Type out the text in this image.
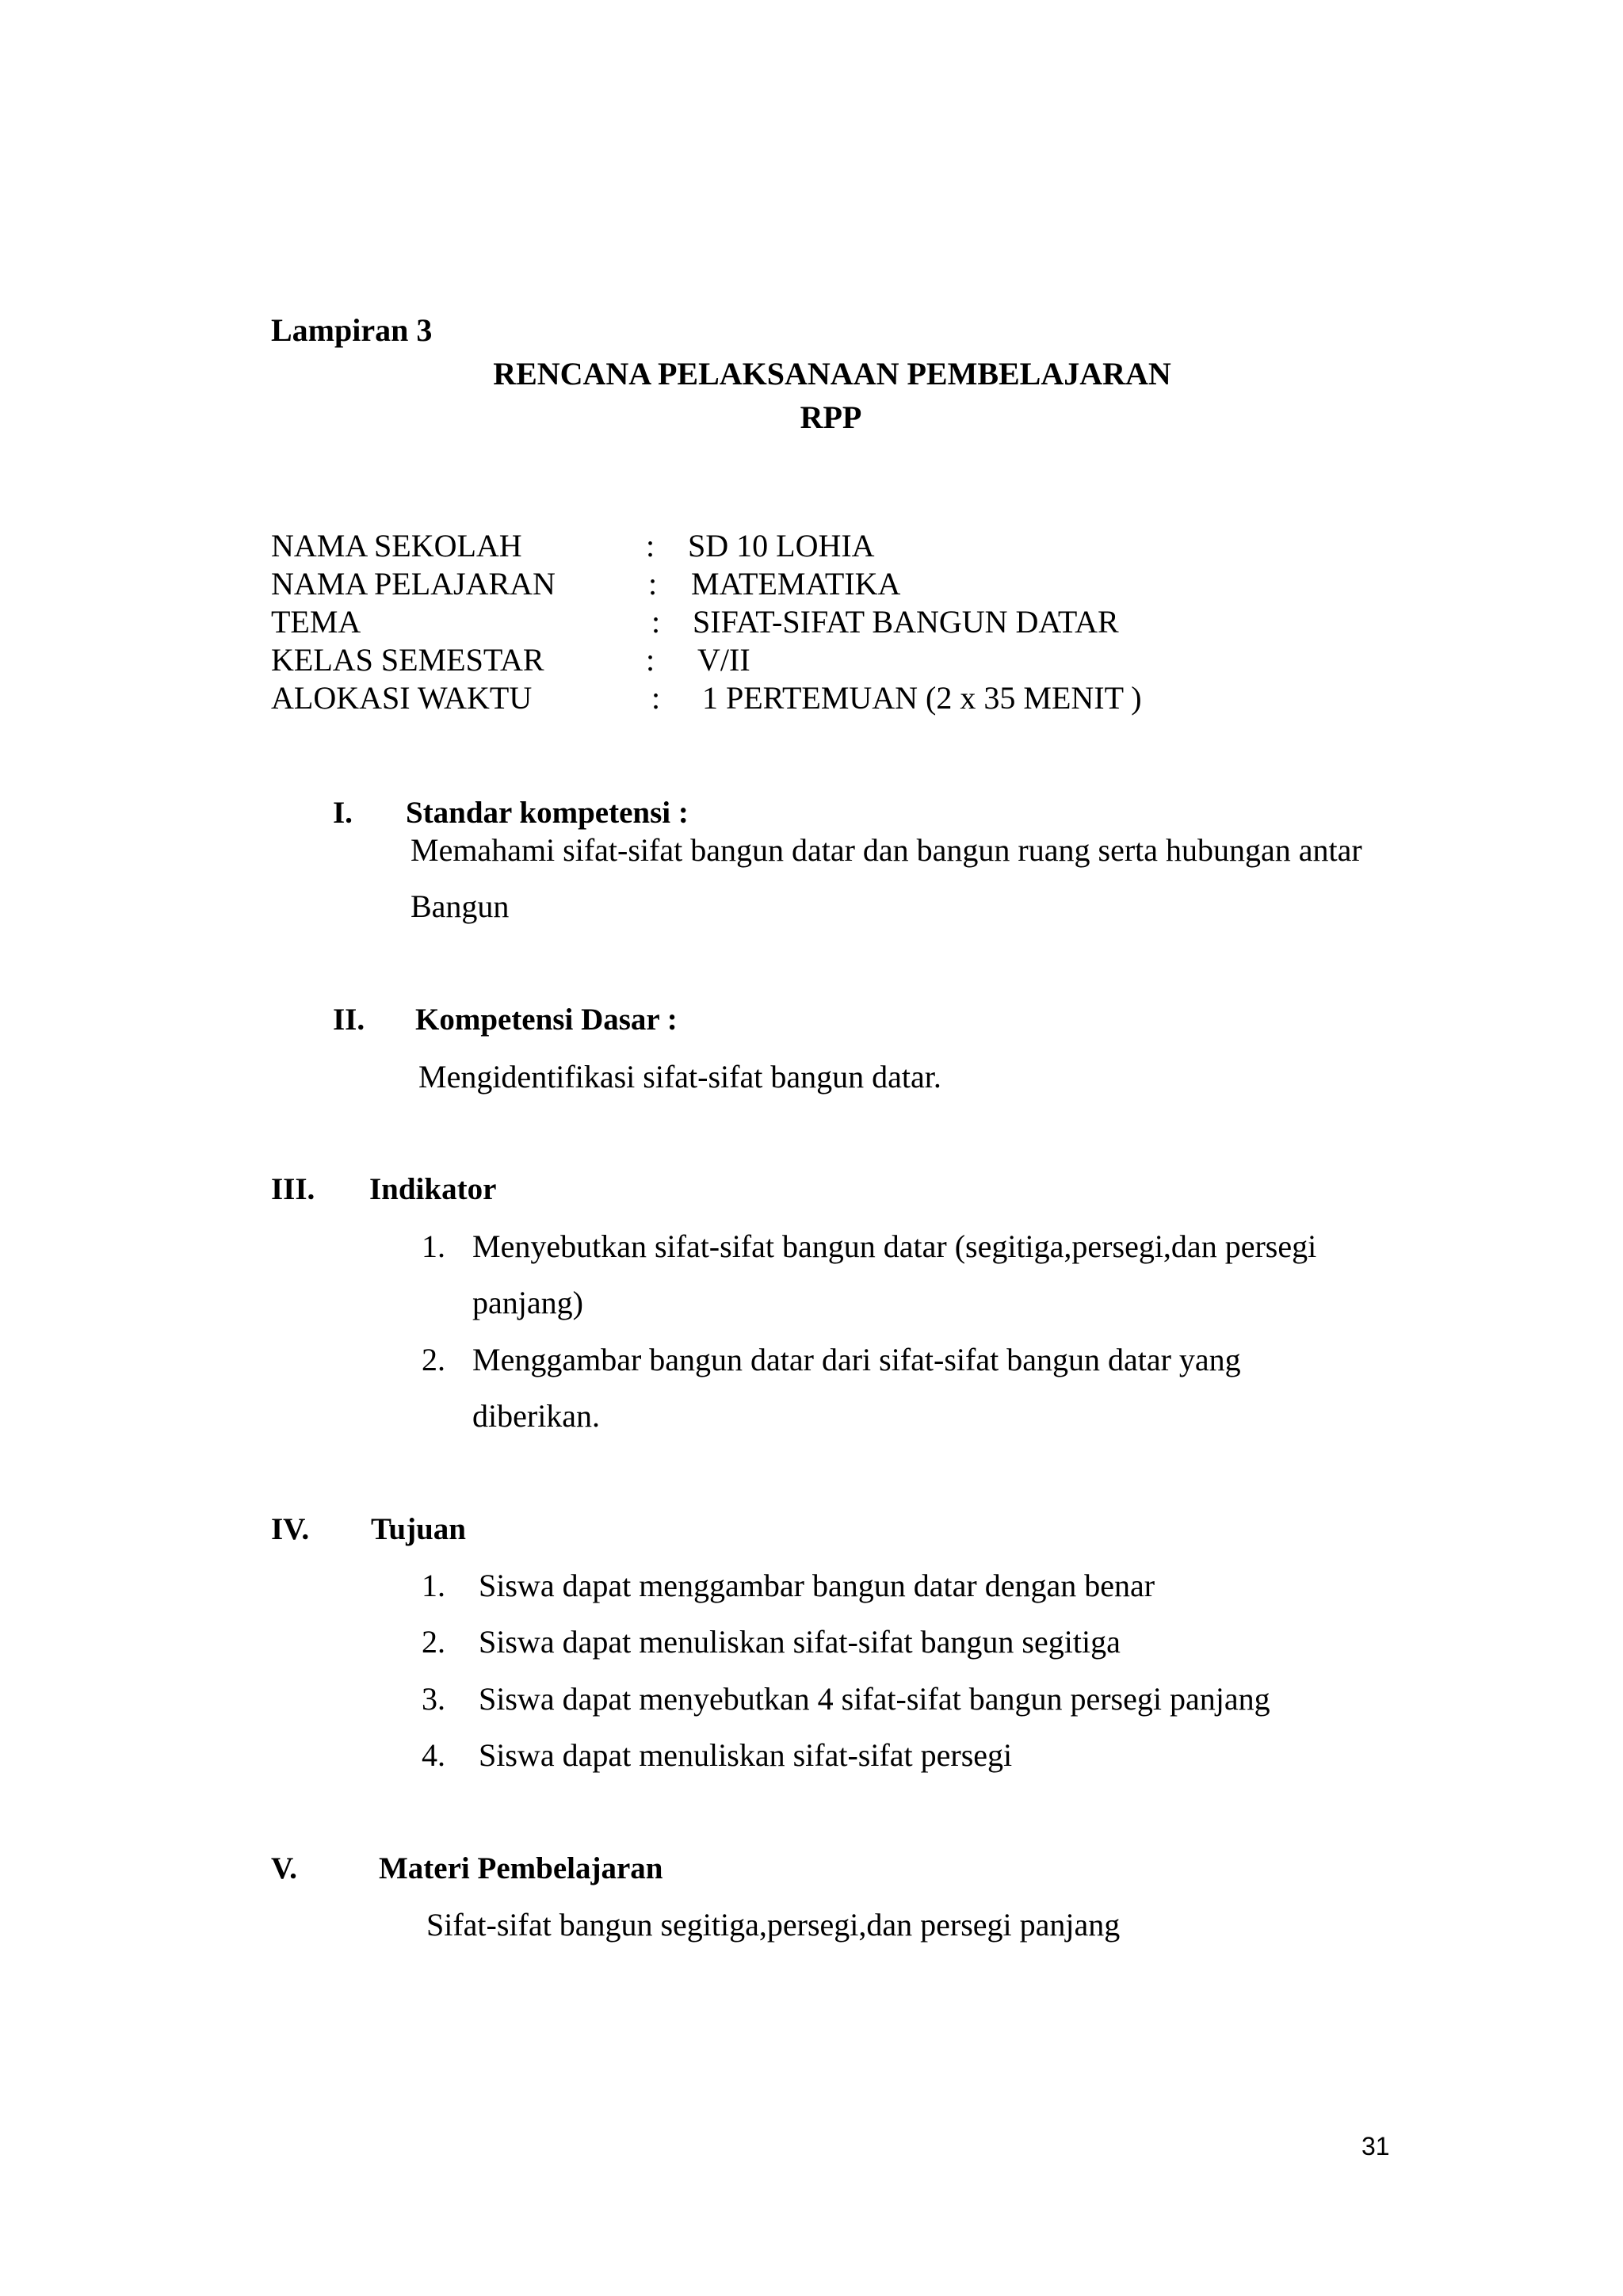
Lampiran 3
RENCANA PELAKSANAAN PEMBELAJARAN
RPP
NAMA SEKOLAH	: SD 10 LOHIA
NAMA PELAJARAN	: MATEMATIKA
TEMA	: SIFAT-SIFAT BANGUN DATAR
KELAS SEMESTAR	: V/II
ALOKASI WAKTU	: 1 PERTEMUAN (2 x 35 MENIT )
I. Standar kompetensi :
Memahami sifat-sifat bangun datar dan bangun ruang serta hubungan antar
Bangun
II. Kompetensi Dasar :
Mengidentifikasi sifat-sifat bangun datar.
III. Indikator
1. Menyebutkan sifat-sifat bangun datar (segitiga,persegi,dan persegi
panjang)
2. Menggambar bangun datar dari sifat-sifat bangun datar yang
diberikan.
IV. Tujuan
1. Siswa dapat menggambar bangun datar dengan benar
2. Siswa dapat menuliskan sifat-sifat bangun segitiga
3. Siswa dapat menyebutkan 4 sifat-sifat bangun persegi panjang
4. Siswa dapat menuliskan sifat-sifat persegi
V.	Materi Pembelajaran
Sifat-sifat bangun segitiga,persegi,dan persegi panjang
31
